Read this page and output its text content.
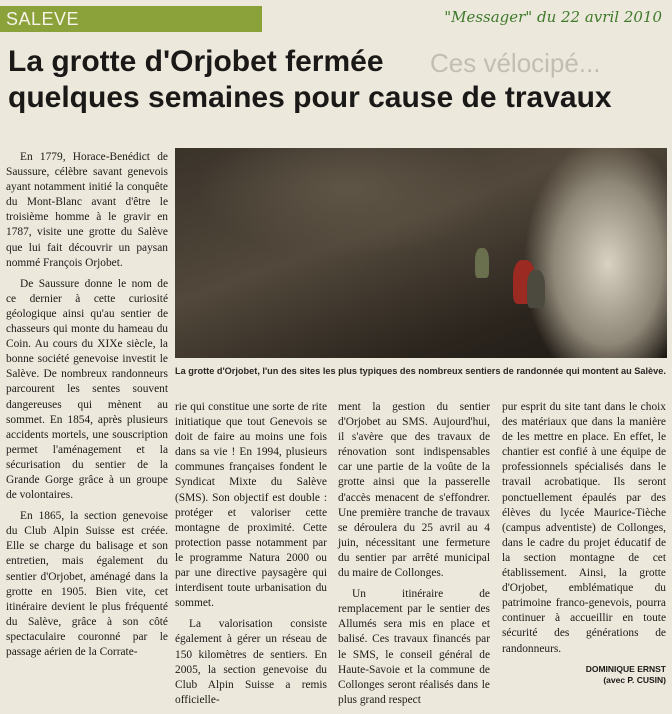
SALEVE	"Messager" du 22 avril 2010
Ces vélocipé...
La grotte d'Orjobet fermée
quelques semaines pour cause de travaux

En 1779, Horace-Benédict de Saussure, célèbre savant genevois ayant notamment initié la conquête du Mont-Blanc avant d'être le troisième homme à le gravir en 1787, visite une grotte du Salève que lui fait découvrir un paysan nommé François Orjobet.

De Saussure donne le nom de ce dernier à cette curiosité géologique ainsi qu'au sentier de chasseurs qui monte du hameau du Coin. Au cours du XIXe siècle, la bonne société genevoise investit le Salève. De nombreux randonneurs parcourent les sentes souvent dangereuses qui mènent au sommet. En 1854, après plusieurs accidents mortels, une souscription permet l'aménagement et la sécurisation du sentier de la Grande Gorge grâce à un groupe de volontaires.

En 1865, la section genevoise du Club Alpin Suisse est créée. Elle se charge du balisage et son entretien, mais également du sentier d'Orjobet, aménagé dans la grotte en 1905. Bien vite, cet itinéraire devient le plus fréquenté du Salève, grâce à son côté spectaculaire couronné par le passage aérien de la Corrate-

La grotte d'Orjobet, l'un des sites les plus typiques des nombreux sentiers de randonnée qui montent au Salève.

rie qui constitue une sorte de rite initiatique que tout Genevois se doit de faire au moins une fois dans sa vie ! En 1994, plusieurs communes françaises fondent le Syndicat Mixte du Salève (SMS). Son objectif est double : protéger et valoriser cette montagne de proximité. Cette protection passe notamment par le programme Natura 2000 ou par une directive paysagère qui interdisent toute urbanisation du sommet.

La valorisation consiste également à gérer un réseau de 150 kilomètres de sentiers. En 2005, la section genevoise du Club Alpin Suisse a remis officielle-

ment la gestion du sentier d'Orjobet au SMS. Aujourd'hui, il s'avère que des travaux de rénovation sont indispensables car une partie de la voûte de la grotte ainsi que la passerelle d'accès menacent de s'effondrer. Une première tranche de travaux se déroulera du 25 avril au 4 juin, nécessitant une fermeture du sentier par arrêté municipal du maire de Collonges.

Un itinéraire de remplacement par le sentier des Allumés sera mis en place et balisé. Ces travaux financés par le SMS, le conseil général de Haute-Savoie et la commune de Collonges seront réalisés dans le plus grand respect

pur esprit du site tant dans le choix des matériaux que dans la manière de les mettre en place. En effet, le chantier est confié à une équipe de professionnels spécialisés dans le travail acrobatique. Ils seront ponctuellement épaulés par des élèves du lycée Maurice-Tièche (campus adventiste) de Collonges, dans le cadre du projet éducatif de la section montagne de cet établissement. Ainsi, la grotte d'Orjobet, emblématique du patrimoine franco-genevois, pourra continuer à accueillir en toute sécurité des générations de randonneurs.

DOMINIQUE ERNST
(avec P. CUSIN)
